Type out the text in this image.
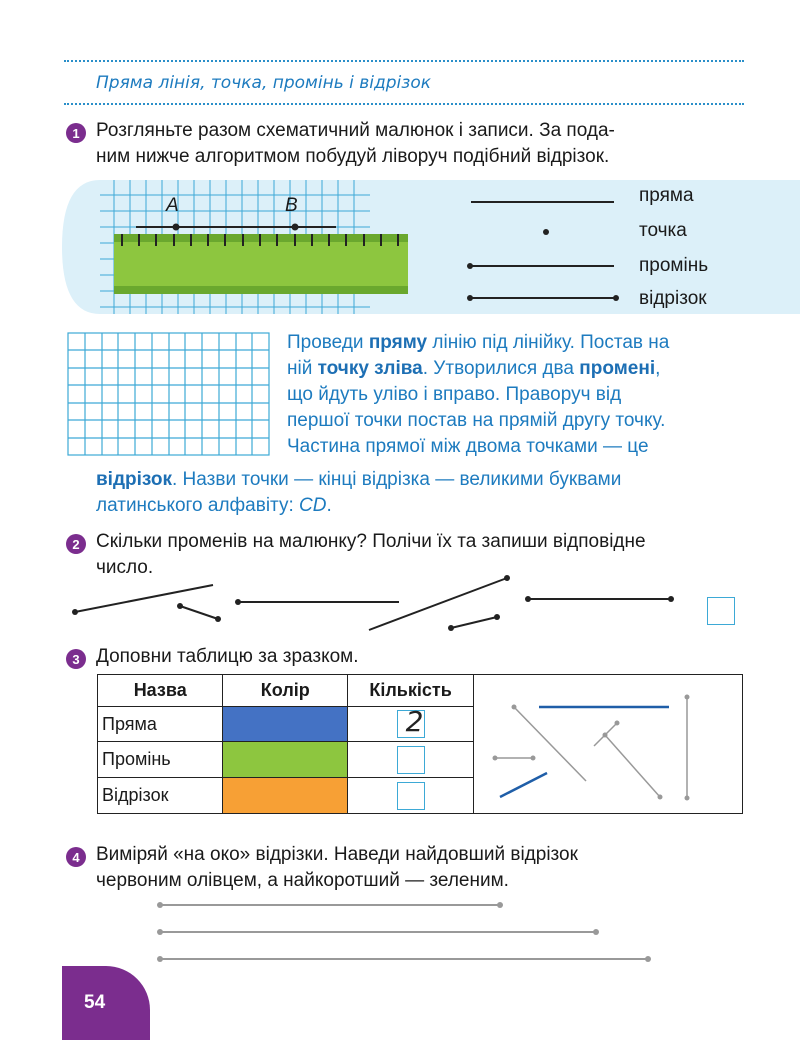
Пряма лінія, точка, промінь і відрізок
1 Розгляньте разом схематичний малюнок і записи. За пода-
ним нижче алгоритмом побудуй ліворуч подібний відрізок.
A	B	пряма
точка
промінь
відрізок
Проведи пряму лінію під лінійку. Постав на
ній точку зліва. Утворилися два промені,
що йдуть уліво і вправо. Праворуч від
першої точки постав на прямій другу точку.
Частина прямої між двома точками — це
відрізок. Назви точки — кінці відрізка — великими буквами
латинського алфавіту: CD.
2 Скільки променів на малюнку? Полічи їх та запиши відповідне
число.
3 Доповни таблицю за зразком.
Назва	Колір	Кількість	

Пряма		2	

Промінь			
Відрізок			
4 Виміряй «на око» відрізки. Наведи найдовший відрізок
червоним олівцем, а найкоротший — зеленим.
54
